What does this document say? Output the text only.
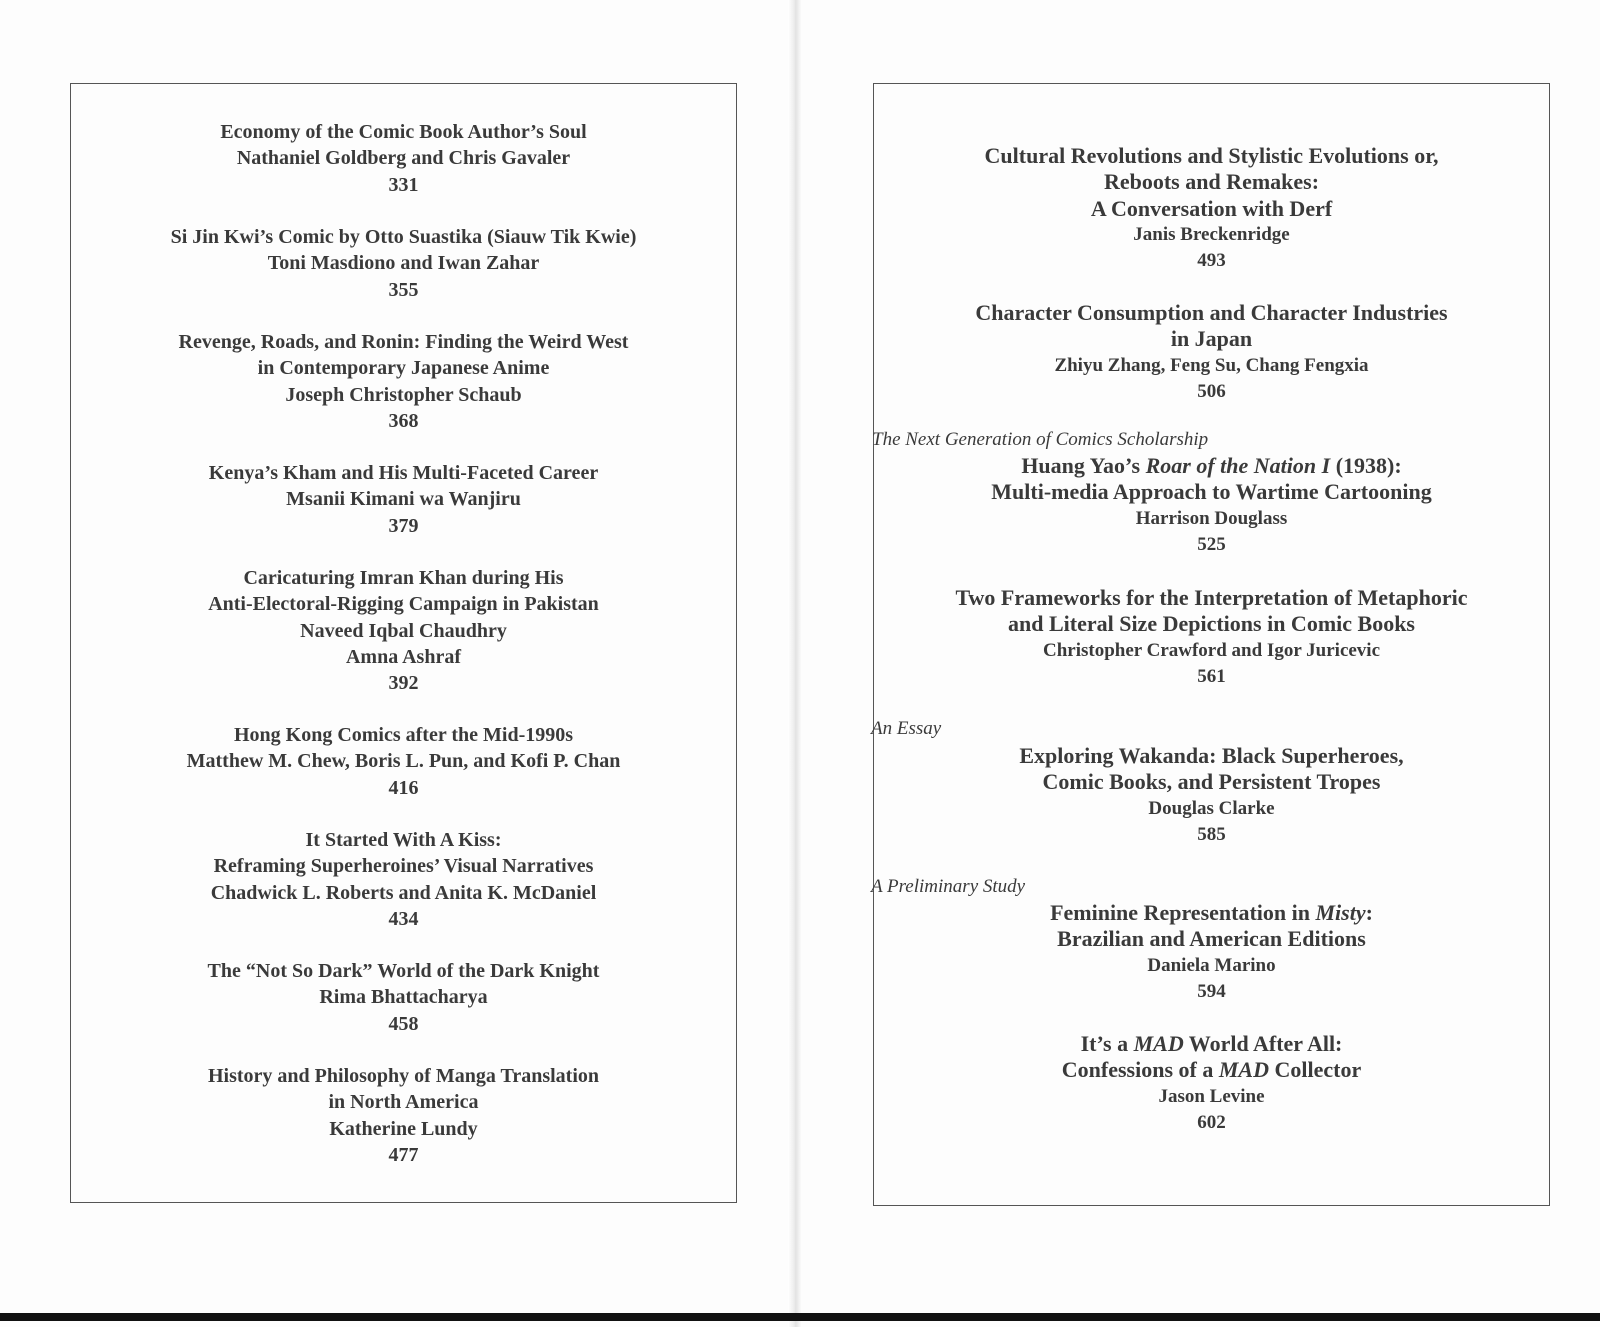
Economy of the Comic Book Author’s Soul
Nathaniel Goldberg and Chris Gavaler
331
Si Jin Kwi’s Comic by Otto Suastika (Siauw Tik Kwie)
Toni Masdiono and Iwan Zahar
355
Revenge, Roads, and Ronin: Finding the Weird West
in Contemporary Japanese Anime
Joseph Christopher Schaub
368
Kenya’s Kham and His Multi-Faceted Career
Msanii Kimani wa Wanjiru
379
Caricaturing Imran Khan during His
Anti-Electoral-Rigging Campaign in Pakistan
Naveed Iqbal Chaudhry
Amna Ashraf
392
Hong Kong Comics after the Mid-1990s
Matthew M. Chew, Boris L. Pun, and Kofi P. Chan
416
It Started With A Kiss:
Reframing Superheroines’ Visual Narratives
Chadwick L. Roberts and Anita K. McDaniel
434
The “Not So Dark” World of the Dark Knight
Rima Bhattacharya
458
History and Philosophy of Manga Translation
in North America
Katherine Lundy
477
Cultural Revolutions and Stylistic Evolutions or,
Reboots and Remakes:
A Conversation with Derf
Janis Breckenridge
493
Character Consumption and Character Industries
in Japan
Zhiyu Zhang, Feng Su, Chang Fengxia
506
The Next Generation of Comics Scholarship
Huang Yao’s Roar of the Nation I (1938):
Multi-media Approach to Wartime Cartooning
Harrison Douglass
525
Two Frameworks for the Interpretation of Metaphoric
and Literal Size Depictions in Comic Books
Christopher Crawford and Igor Juricevic
561
An Essay
Exploring Wakanda: Black Superheroes,
Comic Books, and Persistent Tropes
Douglas Clarke
585
A Preliminary Study
Feminine Representation in Misty:
Brazilian and American Editions
Daniela Marino
594
It’s a MAD World After All:
Confessions of a MAD Collector
Jason Levine
602
